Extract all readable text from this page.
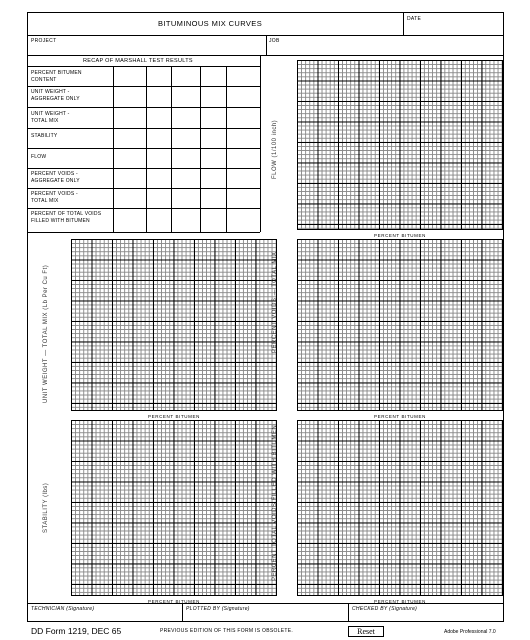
BITUMINOUS MIX CURVES	DATE
PROJECT	JOB
RECAP OF MARSHALL TEST RESULTS
PERCENT BITUMEN
CONTENT
UNIT WEIGHT -
AGGREGATE ONLY
UNIT WEIGHT -
TOTAL MIX
STABILITY
FLOW
PERCENT VOIDS -
AGGREGATE ONLY
PERCENT VOIDS -
TOTAL MIX
PERCENT OF TOTAL VOIDS
FILLED WITH BITUMEN
FLOW (1/100 inch)
PERCENT BITUMEN
UNIT WEIGHT — TOTAL MIX (Lb Per Cu Ft)
PERCENT BITUMEN
PERCENT VOIDS — TOTAL MIX
PERCENT BITUMEN
STABILITY (lbs)
PERCENT BITUMEN
PERCENT TOTAL VOIDS FILLED WITH BITUMEN
PERCENT BITUMEN
TECHNICIAN (Signature)	PLOTTED BY (Signature)	CHECKED BY (Signature)
DD Form 1219, DEC 65	PREVIOUS EDITION OF THIS FORM IS OBSOLETE.	Reset	Adobe Professional 7.0
